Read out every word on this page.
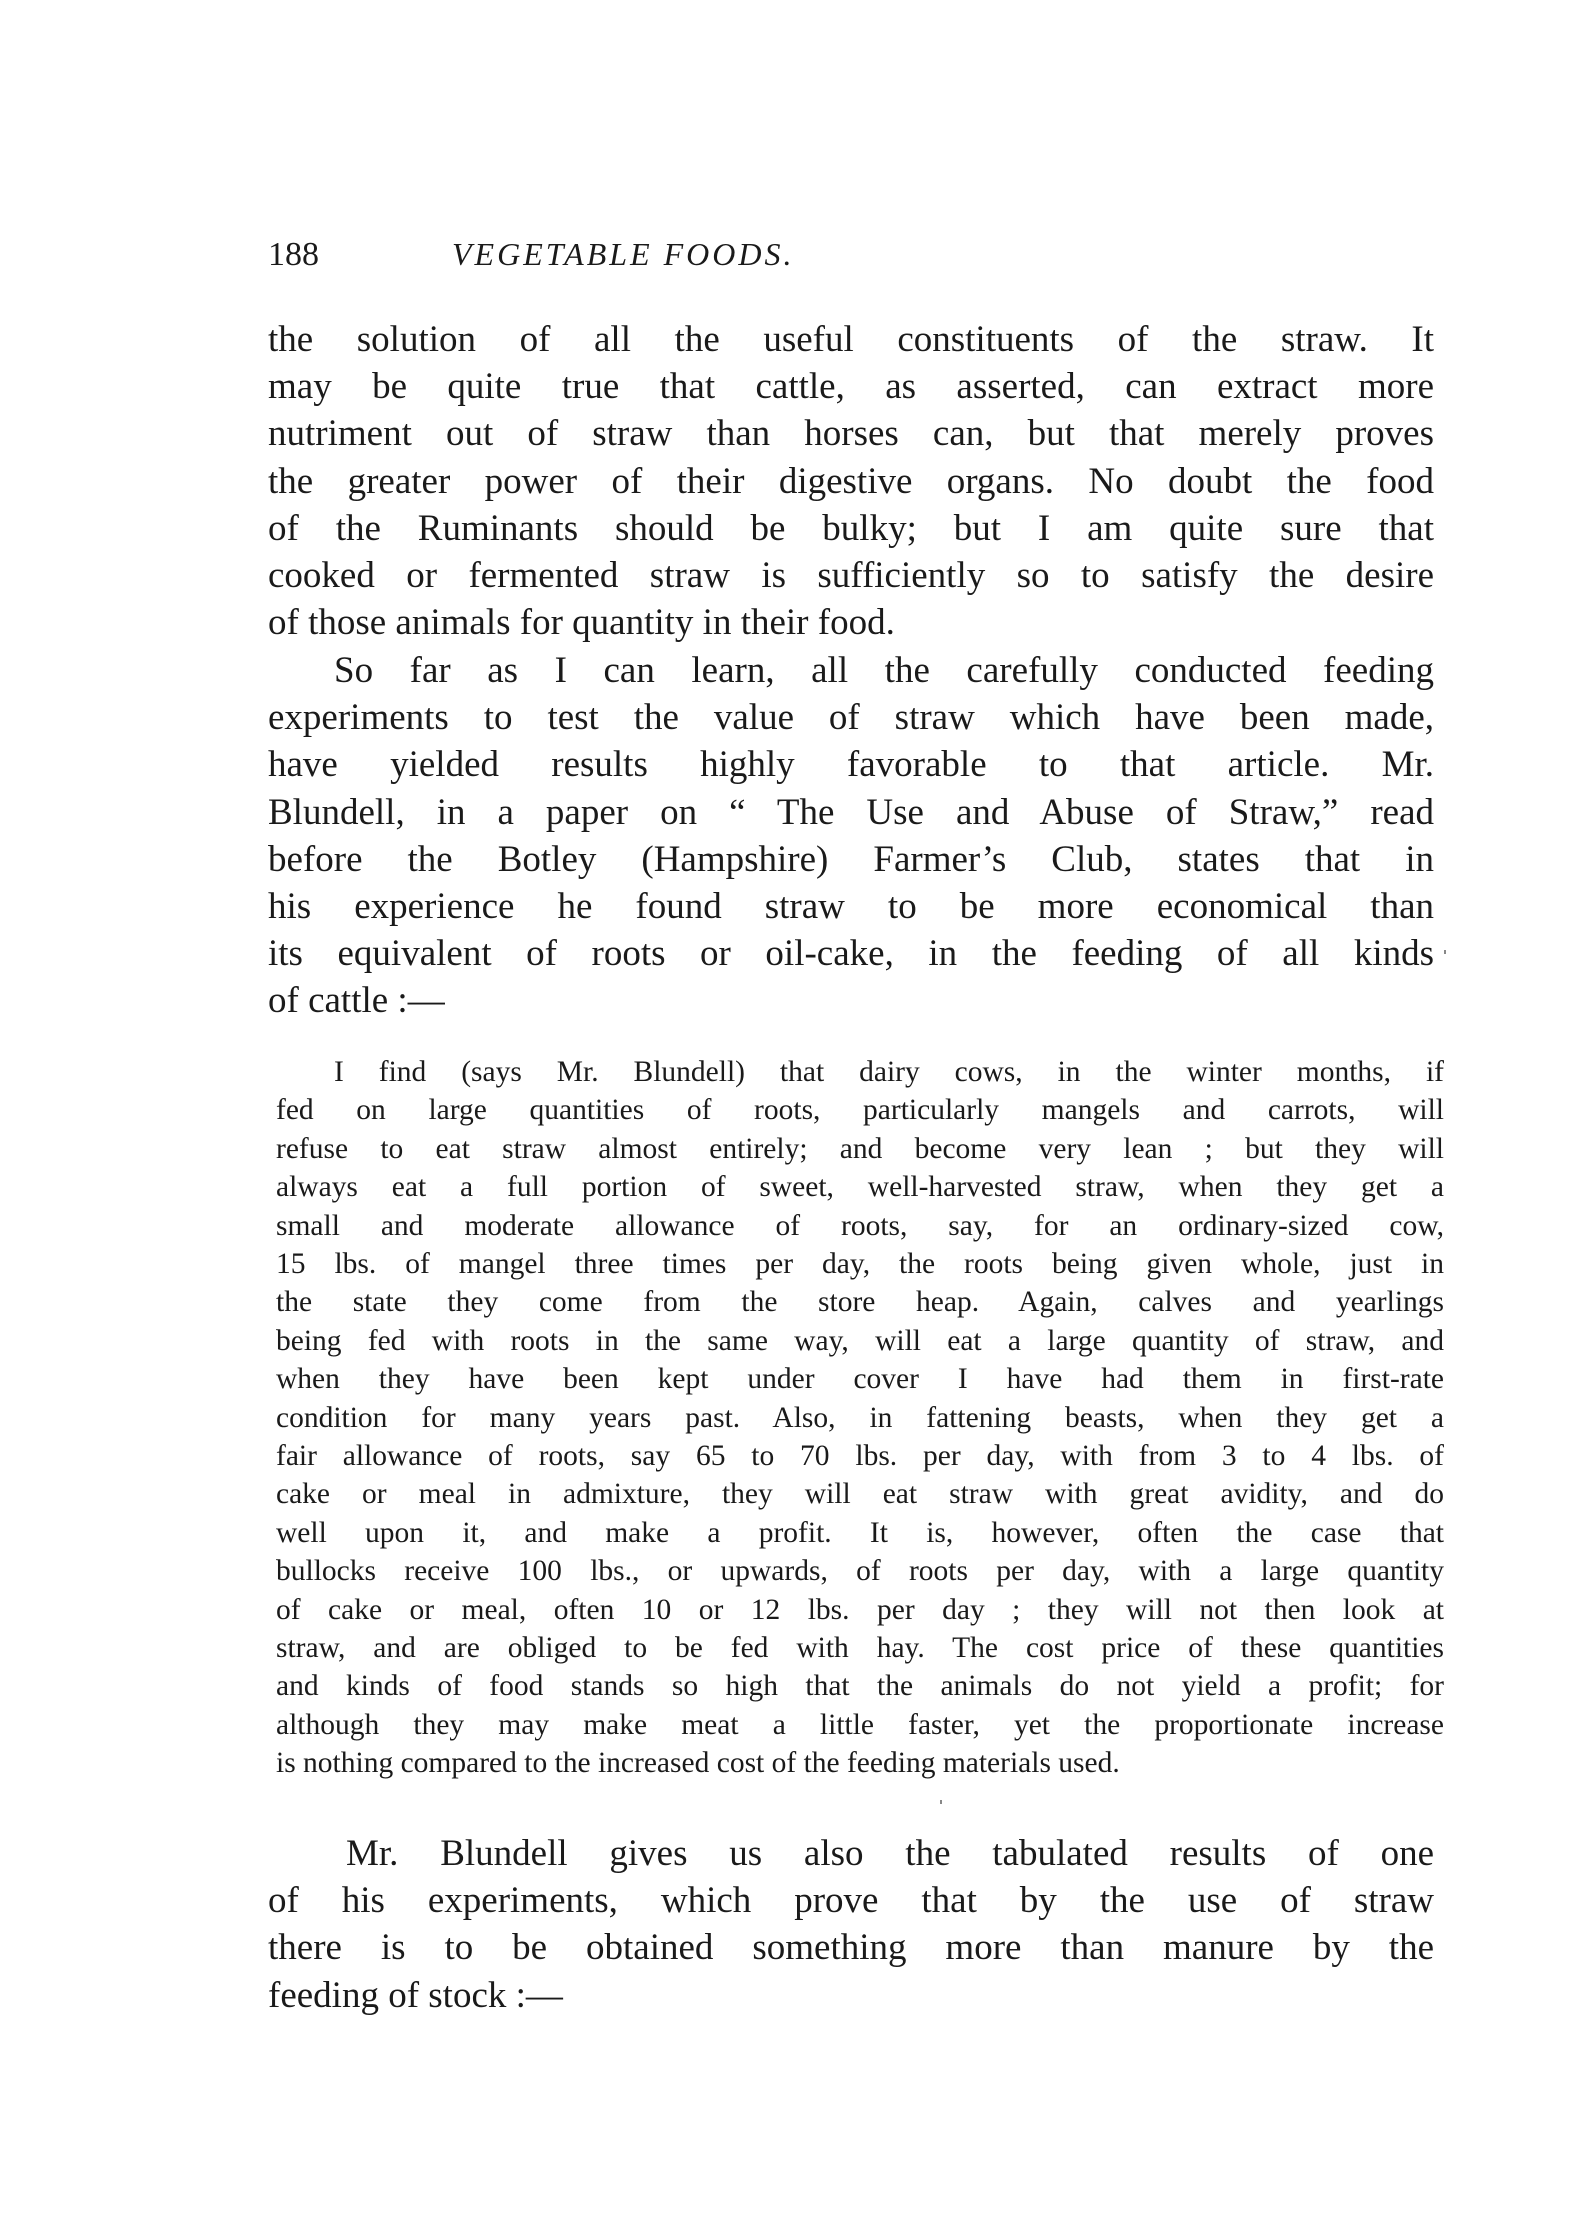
188	VEGETABLE FOODS.
the solution of all the useful constituents of the straw. It
may be quite true that cattle, as asserted, can extract more
nutriment out of straw than horses can, but that merely proves
the greater power of their digestive organs. No doubt the food
of the Ruminants should be bulky; but I am quite sure that
cooked or fermented straw is sufficiently so to satisfy the desire
of those animals for quantity in their food.
So far as I can learn, all the carefully conducted feeding
experiments to test the value of straw which have been made,
have yielded results highly favorable to that article. Mr.
Blundell, in a paper on “ The Use and Abuse of Straw,” read
before the Botley (Hampshire) Farmer’s Club, states that in
his experience he found straw to be more economical than
its equivalent of roots or oil-cake, in the feeding of all kinds
of cattle :—
I find (says Mr. Blundell) that dairy cows, in the winter months, if
fed on large quantities of roots, particularly mangels and carrots, will
refuse to eat straw almost entirely; and become very lean ; but they will
always eat a full portion of sweet, well-harvested straw, when they get a
small and moderate allowance of roots, say, for an ordinary-sized cow,
15 lbs. of mangel three times per day, the roots being given whole, just in
the state they come from the store heap. Again, calves and yearlings
being fed with roots in the same way, will eat a large quantity of straw, and
when they have been kept under cover I have had them in first-rate
condition for many years past. Also, in fattening beasts, when they get a
fair allowance of roots, say 65 to 70 lbs. per day, with from 3 to 4 lbs. of
cake or meal in admixture, they will eat straw with great avidity, and do
well upon it, and make a profit. It is, however, often the case that
bullocks receive 100 lbs., or upwards, of roots per day, with a large quantity
of cake or meal, often 10 or 12 lbs. per day ; they will not then look at
straw, and are obliged to be fed with hay. The cost price of these quantities
and kinds of food stands so high that the animals do not yield a profit; for
although they may make meat a little faster, yet the proportionate increase
is nothing compared to the increased cost of the feeding materials used.
Mr. Blundell gives us also the tabulated results of one
of his experiments, which prove that by the use of straw
there is to be obtained something more than manure by the
feeding of stock :—
